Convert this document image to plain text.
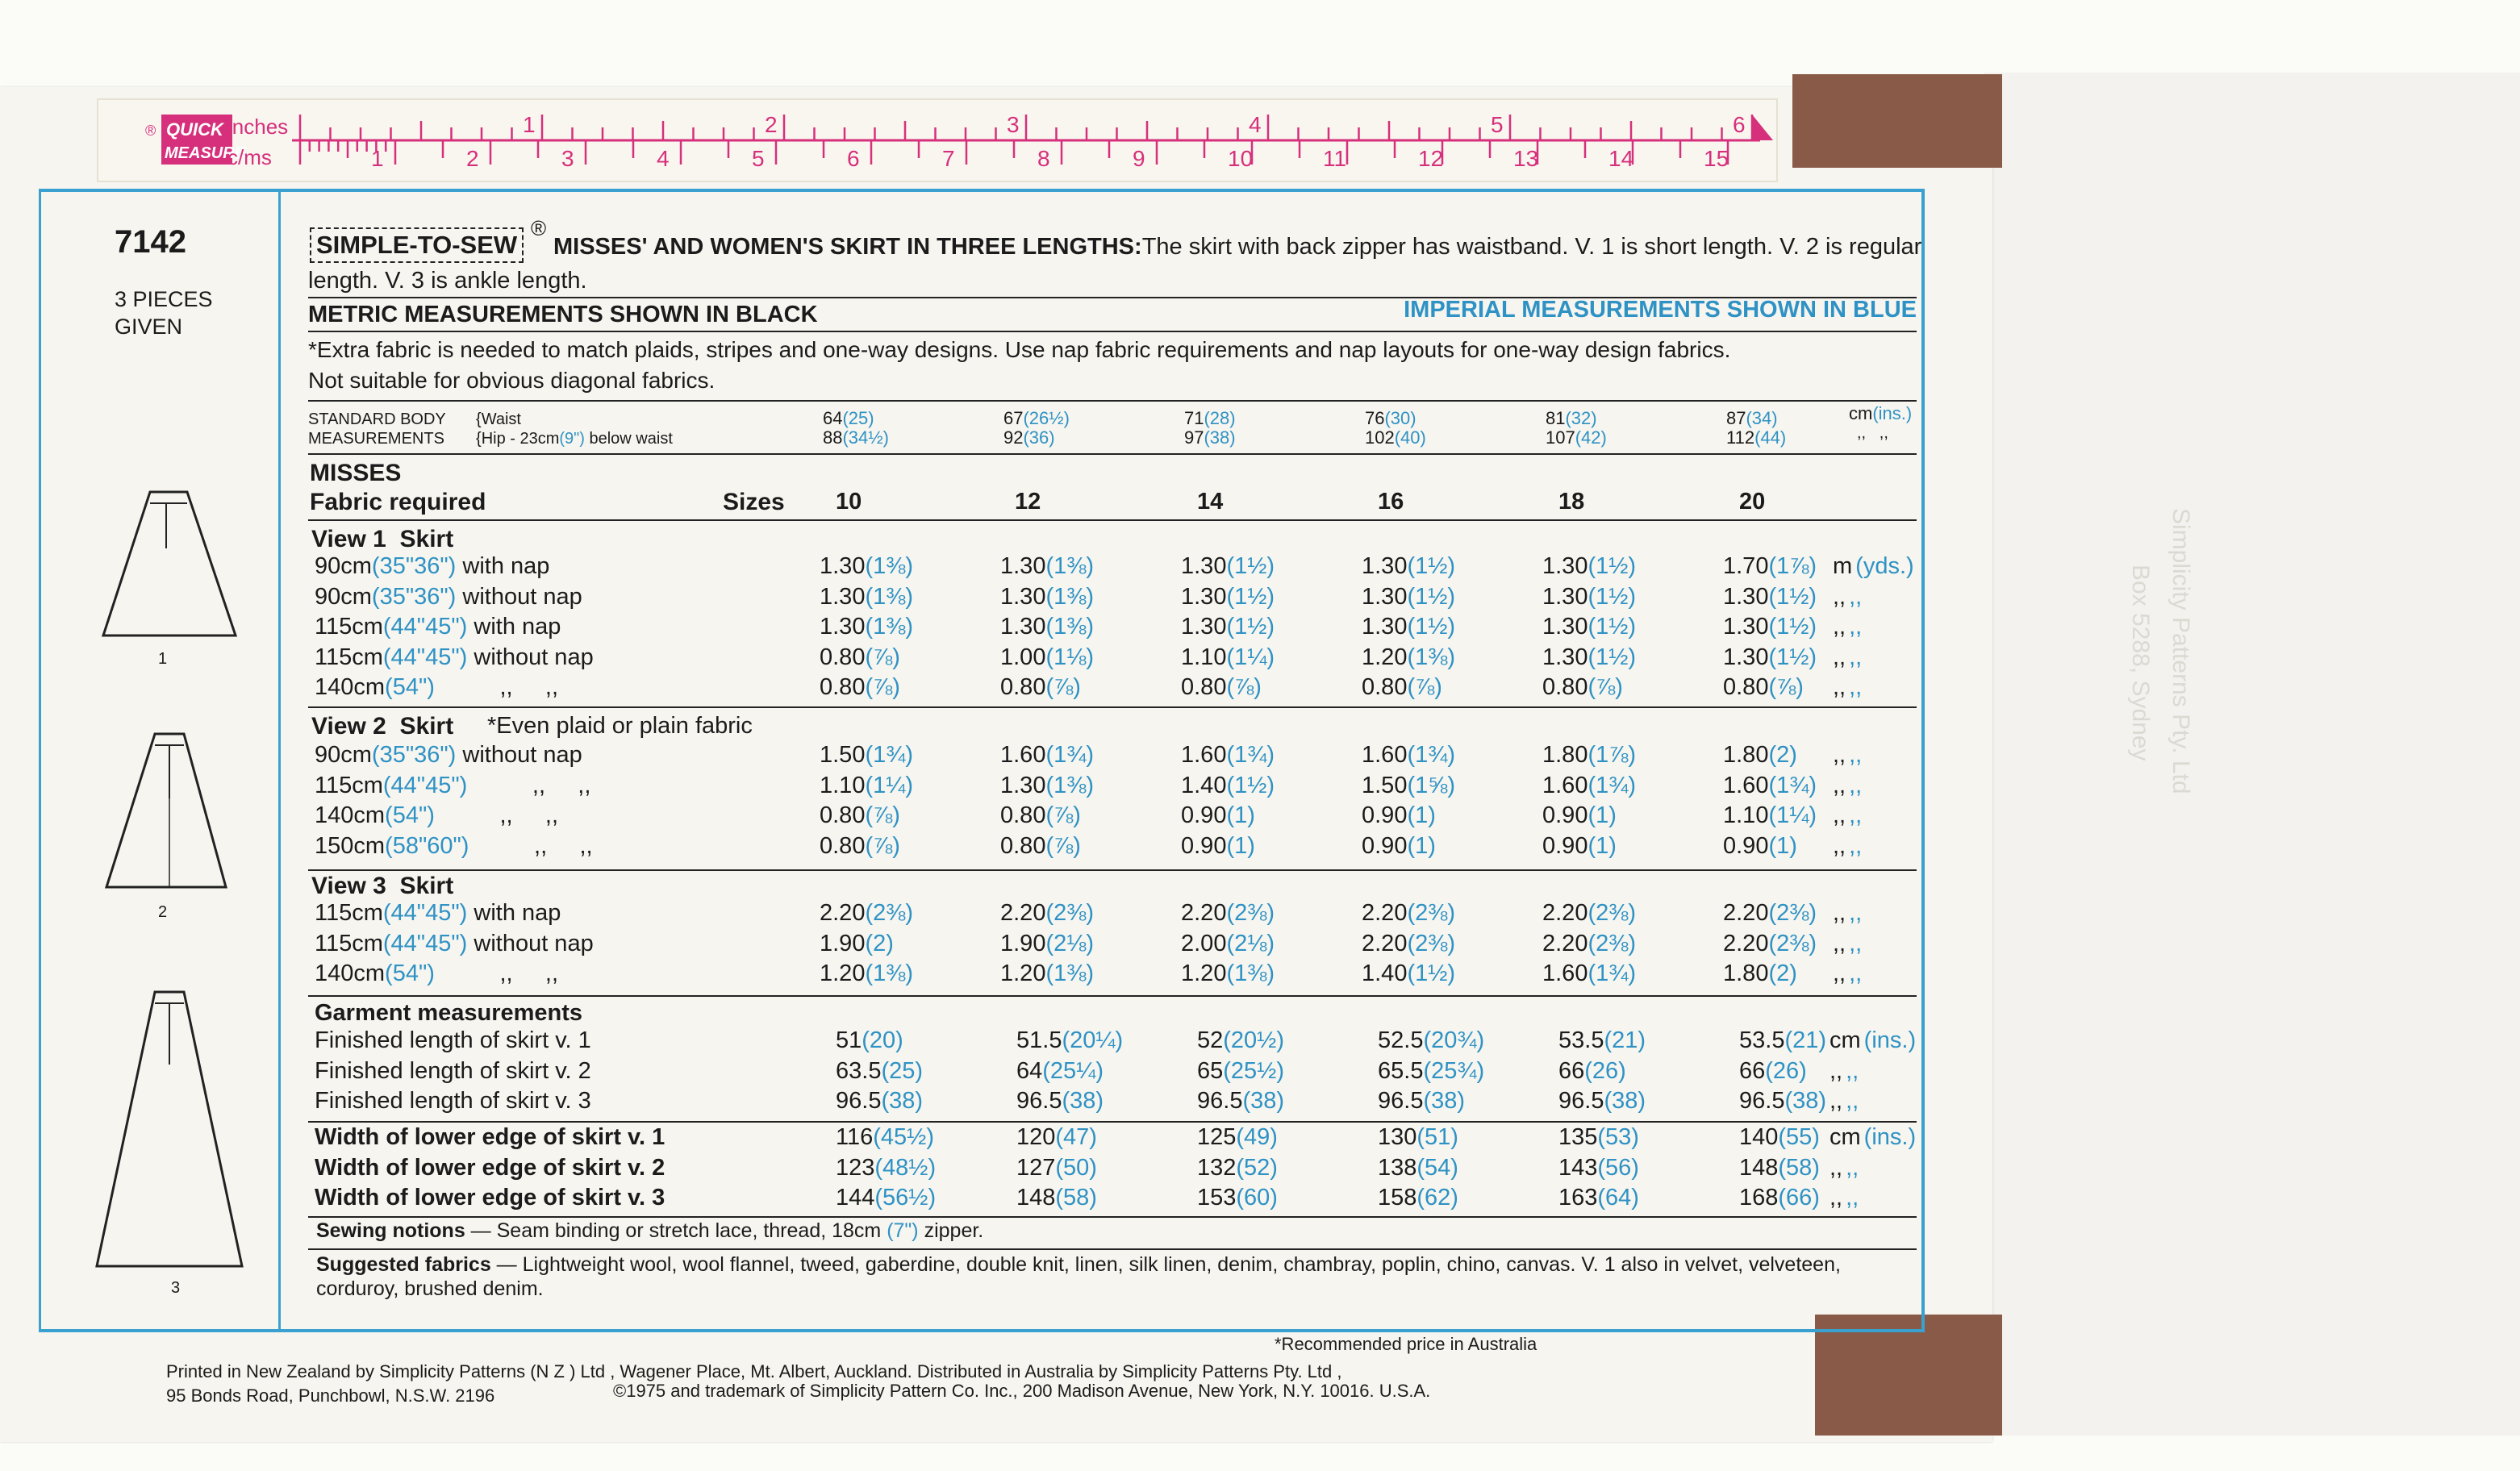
Simplicity Patterns Pty. Ltd
Box 5288, Sydney
® QUICK
MEASURE
inches
c/ms
1	2	3	4	5	6
1	2	3	4	5	6	7	8	9	10	11	12	13	14	15
7142
3 PIECES
GIVEN
1
2
3
SIMPLE-TO-SEW
®
MISSES' AND WOMEN'S SKIRT IN THREE LENGTHS:The skirt with back zipper has waistband. V. 1 is short length. V. 2 is regular
length. V. 3 is ankle length.
METRIC MEASUREMENTS SHOWN IN BLACK	IMPERIAL MEASUREMENTS SHOWN IN BLUE
*Extra fabric is needed to match plaids, stripes and one-way designs. Use nap fabric requirements and nap layouts for one-way design fabrics.
Not suitable for obvious diagonal fabrics.
STANDARD BODY
MEASUREMENTS
{Waist
{Hip - 23cm(9") below waist
64(25)	67(26½)	71(28)	76(30)	81(32)	87(34)
88(34½)	92(36)	97(38)	102(40)	107(42)	112(44)
cm(ins.)
,,   ,,
MISSES
Fabric required	Sizes 10	12	14	16	18	20
View 1  Skirt
90cm(35"36") with nap	1.30(1⅜)	1.30(1⅜)	1.30(1½)	1.30(1½)	1.30(1½)	1.70(1⅞) m (yds.)
90cm(35"36") without nap	1.30(1⅜)	1.30(1⅜)	1.30(1½)	1.30(1½)	1.30(1½)	1.30(1½) ,, ,,
115cm(44"45") with nap	1.30(1⅜)	1.30(1⅜)	1.30(1½)	1.30(1½)	1.30(1½)	1.30(1½) ,, ,,
115cm(44"45") without nap	0.80(⅞)	1.00(1⅛)	1.10(1¼)	1.20(1⅜)	1.30(1½)	1.30(1½) ,, ,,
140cm(54")          ,,     ,,	0.80(⅞)	0.80(⅞)	0.80(⅞)	0.80(⅞)	0.80(⅞)	0.80(⅞) ,, ,,
View 2  Skirt *Even plaid or plain fabric
90cm(35"36") without nap	1.50(1¾)	1.60(1¾)	1.60(1¾)	1.60(1¾)	1.80(1⅞)	1.80(2) ,, ,,
115cm(44"45")          ,,     ,,	1.10(1¼)	1.30(1⅜)	1.40(1½)	1.50(1⅝)	1.60(1¾)	1.60(1¾) ,, ,,
140cm(54")          ,,     ,,	0.80(⅞)	0.80(⅞)	0.90(1)	0.90(1)	0.90(1)	1.10(1¼) ,, ,,
150cm(58"60")          ,,     ,,	0.80(⅞)	0.80(⅞)	0.90(1)	0.90(1)	0.90(1)	0.90(1) ,, ,,
View 3  Skirt
115cm(44"45") with nap	2.20(2⅜)	2.20(2⅜)	2.20(2⅜)	2.20(2⅜)	2.20(2⅜)	2.20(2⅜) ,, ,,
115cm(44"45") without nap	1.90(2)	1.90(2⅛)	2.00(2⅛)	2.20(2⅜)	2.20(2⅜)	2.20(2⅜) ,, ,,
140cm(54")          ,,     ,,	1.20(1⅜)	1.20(1⅜)	1.20(1⅜)	1.40(1½)	1.60(1¾)	1.80(2) ,, ,,
Garment measurements
Finished length of skirt v. 1	51(20)	51.5(20¼)	52(20½)	52.5(20¾)	53.5(21)	53.5(21) cm (ins.)
Finished length of skirt v. 2	63.5(25)	64(25¼)	65(25½)	65.5(25¾)	66(26)	66(26) ,, ,,
Finished length of skirt v. 3	96.5(38)	96.5(38)	96.5(38)	96.5(38)	96.5(38)	96.5(38) ,, ,,
Width of lower edge of skirt v. 1	116(45½)	120(47)	125(49)	130(51)	135(53)	140(55) cm (ins.)
Width of lower edge of skirt v. 2	123(48½)	127(50)	132(52)	138(54)	143(56)	148(58) ,, ,,
Width of lower edge of skirt v. 3	144(56½)	148(58)	153(60)	158(62)	163(64)	168(66) ,, ,,
Sewing notions — Seam binding or stretch lace, thread, 18cm (7") zipper.
Suggested fabrics — Lightweight wool, wool flannel, tweed, gaberdine, double knit, linen, silk linen, denim, chambray, poplin, chino, canvas. V. 1 also in velvet, velveteen,
corduroy, brushed denim.
*Recommended price in Australia
Printed in New Zealand by Simplicity Patterns (N Z ) Ltd , Wagener Place, Mt. Albert, Auckland. Distributed in Australia by Simplicity Patterns Pty. Ltd ,
95 Bonds Road, Punchbowl, N.S.W. 2196	©1975 and trademark of Simplicity Pattern Co. Inc., 200 Madison Avenue, New York, N.Y. 10016. U.S.A.
